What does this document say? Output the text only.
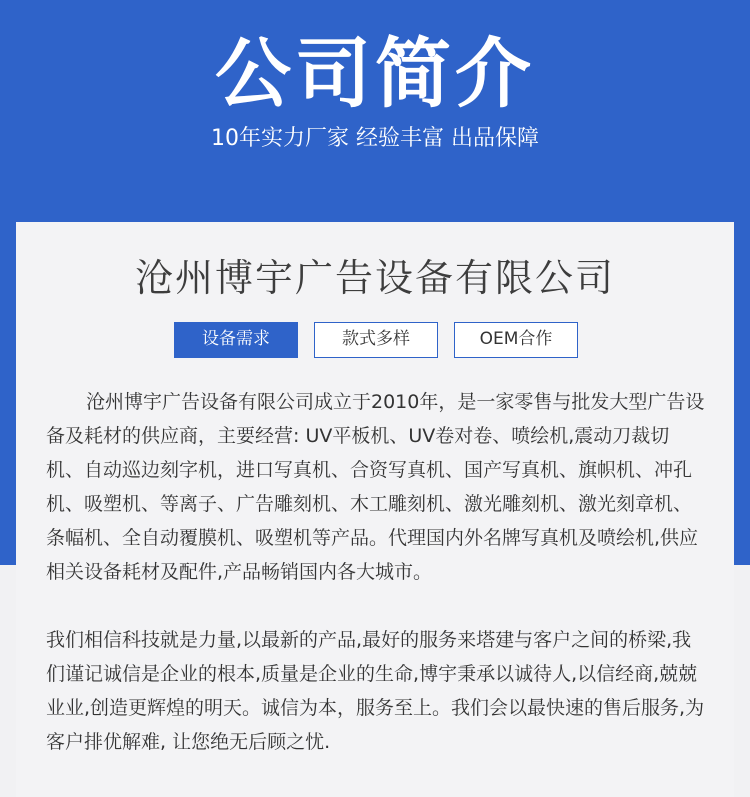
公司简介
10年实力厂家 经验丰富 出品保障
沧州博宇广告设备有限公司
设备需求	款式多样	OEM合作

沧州博宇广告设备有限公司成立于2010年，是一家零售与批发大型广告设备及耗材的供应商，主要经营: UV平板机、UV卷对卷、喷绘机,震动刀裁切机、自动巡边刻字机，进口写真机、合资写真机、国产写真机、旗帜机、冲孔机、吸塑机、等离子、广告雕刻机、木工雕刻机、激光雕刻机、激光刻章机、条幅机、全自动覆膜机、吸塑机等产品。代理国内外名牌写真机及喷绘机,供应相关设备耗材及配件,产品畅销国内各大城市。

我们相信科技就是力量,以最新的产品,最好的服务来塔建与客户之间的桥梁,我们谨记诚信是企业的根本,质量是企业的生命,博宇秉承以诚待人,以信经商,兢兢业业,创造更辉煌的明天。诚信为本，服务至上。我们会以最快速的售后服务,为客户排优解难, 让您绝无后顾之忧.
